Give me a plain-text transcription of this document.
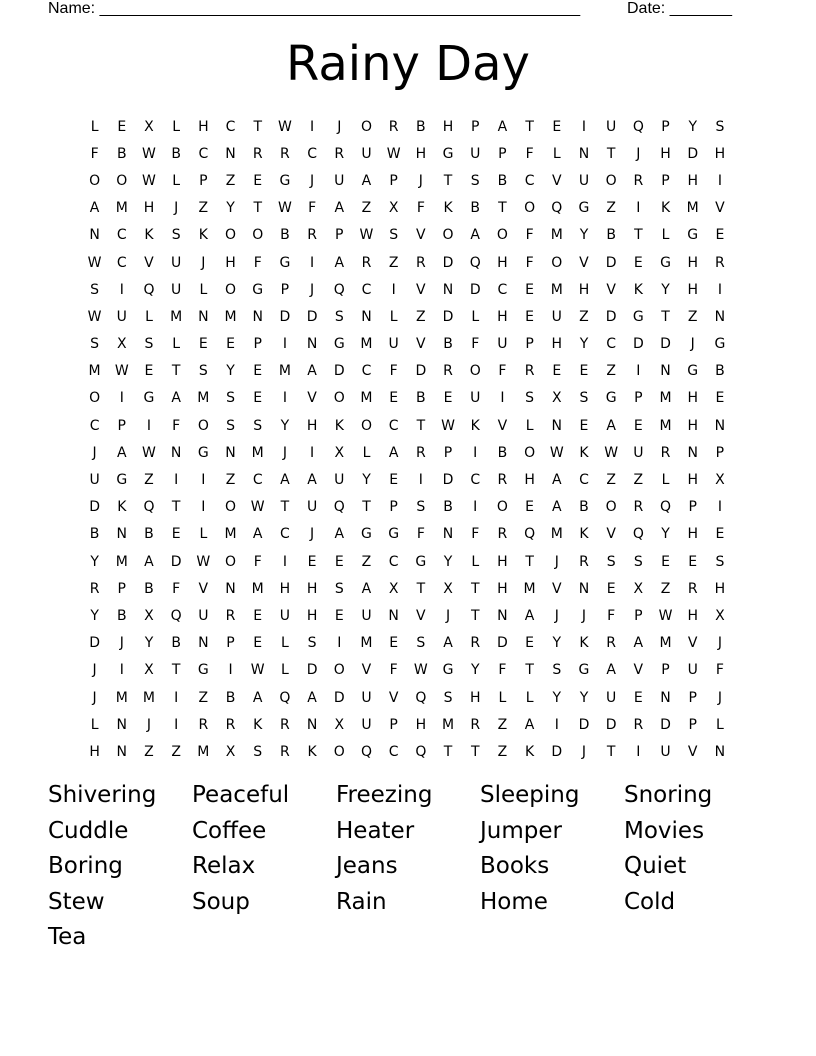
Name: ______________________________________________________	Date: _______
Rainy Day
L	E	X	L	H	C	T	W	I	J	O	R	B	H	P	A	T	E	I	U	Q	P	Y	S
F	B	W	B	C	N	R	R	C	R	U	W	H	G	U	P	F	L	N	T	J	H	D	H
O	O	W	L	P	Z	E	G	J	U	A	P	J	T	S	B	C	V	U	O	R	P	H	I
A	M	H	J	Z	Y	T	W	F	A	Z	X	F	K	B	T	O	Q	G	Z	I	K	M	V
N	C	K	S	K	O	O	B	R	P	W	S	V	O	A	O	F	M	Y	B	T	L	G	E
W	C	V	U	J	H	F	G	I	A	R	Z	R	D	Q	H	F	O	V	D	E	G	H	R
S	I	Q	U	L	O	G	P	J	Q	C	I	V	N	D	C	E	M	H	V	K	Y	H	I
W	U	L	M	N	M	N	D	D	S	N	L	Z	D	L	H	E	U	Z	D	G	T	Z	N
S	X	S	L	E	E	P	I	N	G	M	U	V	B	F	U	P	H	Y	C	D	D	J	G
M	W	E	T	S	Y	E	M	A	D	C	F	D	R	O	F	R	E	E	Z	I	N	G	B
O	I	G	A	M	S	E	I	V	O	M	E	B	E	U	I	S	X	S	G	P	M	H	E
C	P	I	F	O	S	S	Y	H	K	O	C	T	W	K	V	L	N	E	A	E	M	H	N
J	A	W	N	G	N	M	J	I	X	L	A	R	P	I	B	O	W	K	W	U	R	N	P
U	G	Z	I	I	Z	C	A	A	U	Y	E	I	D	C	R	H	A	C	Z	Z	L	H	X
D	K	Q	T	I	O	W	T	U	Q	T	P	S	B	I	O	E	A	B	O	R	Q	P	I
B	N	B	E	L	M	A	C	J	A	G	G	F	N	F	R	Q	M	K	V	Q	Y	H	E
Y	M	A	D	W	O	F	I	E	E	Z	C	G	Y	L	H	T	J	R	S	S	E	E	S
R	P	B	F	V	N	M	H	H	S	A	X	T	X	T	H	M	V	N	E	X	Z	R	H
Y	B	X	Q	U	R	E	U	H	E	U	N	V	J	T	N	A	J	J	F	P	W	H	X
D	J	Y	B	N	P	E	L	S	I	M	E	S	A	R	D	E	Y	K	R	A	M	V	J
J	I	X	T	G	I	W	L	D	O	V	F	W	G	Y	F	T	S	G	A	V	P	U	F
J	M	M	I	Z	B	A	Q	A	D	U	V	Q	S	H	L	L	Y	Y	U	E	N	P	J
L	N	J	I	R	R	K	R	N	X	U	P	H	M	R	Z	A	I	D	D	R	D	P	L
H	N	Z	Z	M	X	S	R	K	O	Q	C	Q	T	T	Z	K	D	J	T	I	U	V	N
Shivering	Peaceful	Freezing	Sleeping	Snoring
Cuddle	Coffee	Heater	Jumper	Movies
Boring	Relax	Jeans	Books	Quiet
Stew	Soup	Rain	Home	Cold
Tea
